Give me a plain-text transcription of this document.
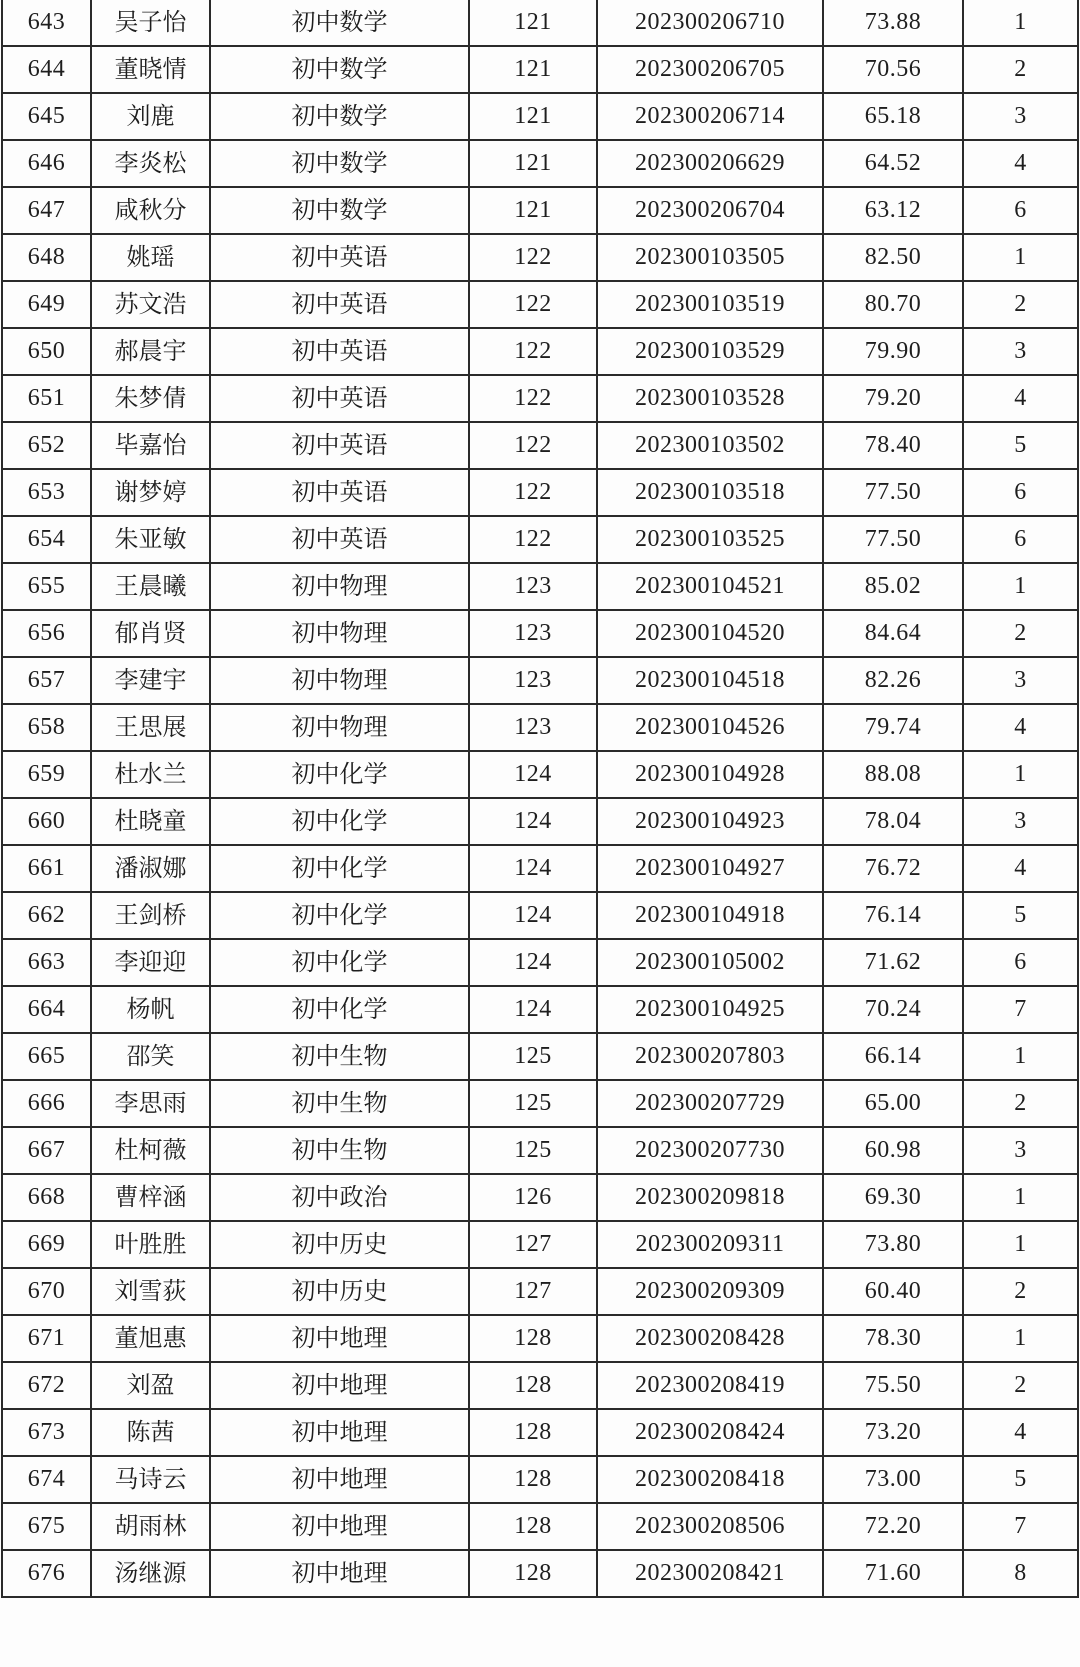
643	吴子怡	初中数学	121	202300206710	73.88	1
644	董晓情	初中数学	121	202300206705	70.56	2
645	刘鹿	初中数学	121	202300206714	65.18	3
646	李炎松	初中数学	121	202300206629	64.52	4
647	咸秋分	初中数学	121	202300206704	63.12	6
648	姚瑶	初中英语	122	202300103505	82.50	1
649	苏文浩	初中英语	122	202300103519	80.70	2
650	郝晨宇	初中英语	122	202300103529	79.90	3
651	朱梦倩	初中英语	122	202300103528	79.20	4
652	毕嘉怡	初中英语	122	202300103502	78.40	5
653	谢梦婷	初中英语	122	202300103518	77.50	6
654	朱亚敏	初中英语	122	202300103525	77.50	6
655	王晨曦	初中物理	123	202300104521	85.02	1
656	郁肖贤	初中物理	123	202300104520	84.64	2
657	李建宇	初中物理	123	202300104518	82.26	3
658	王思展	初中物理	123	202300104526	79.74	4
659	杜水兰	初中化学	124	202300104928	88.08	1
660	杜晓童	初中化学	124	202300104923	78.04	3
661	潘淑娜	初中化学	124	202300104927	76.72	4
662	王剑桥	初中化学	124	202300104918	76.14	5
663	李迎迎	初中化学	124	202300105002	71.62	6
664	杨帆	初中化学	124	202300104925	70.24	7
665	邵笑	初中生物	125	202300207803	66.14	1
666	李思雨	初中生物	125	202300207729	65.00	2
667	杜柯薇	初中生物	125	202300207730	60.98	3
668	曹梓涵	初中政治	126	202300209818	69.30	1
669	叶胜胜	初中历史	127	202300209311	73.80	1
670	刘雪荻	初中历史	127	202300209309	60.40	2
671	董旭惠	初中地理	128	202300208428	78.30	1
672	刘盈	初中地理	128	202300208419	75.50	2
673	陈茜	初中地理	128	202300208424	73.20	4
674	马诗云	初中地理	128	202300208418	73.00	5
675	胡雨林	初中地理	128	202300208506	72.20	7
676	汤继源	初中地理	128	202300208421	71.60	8
